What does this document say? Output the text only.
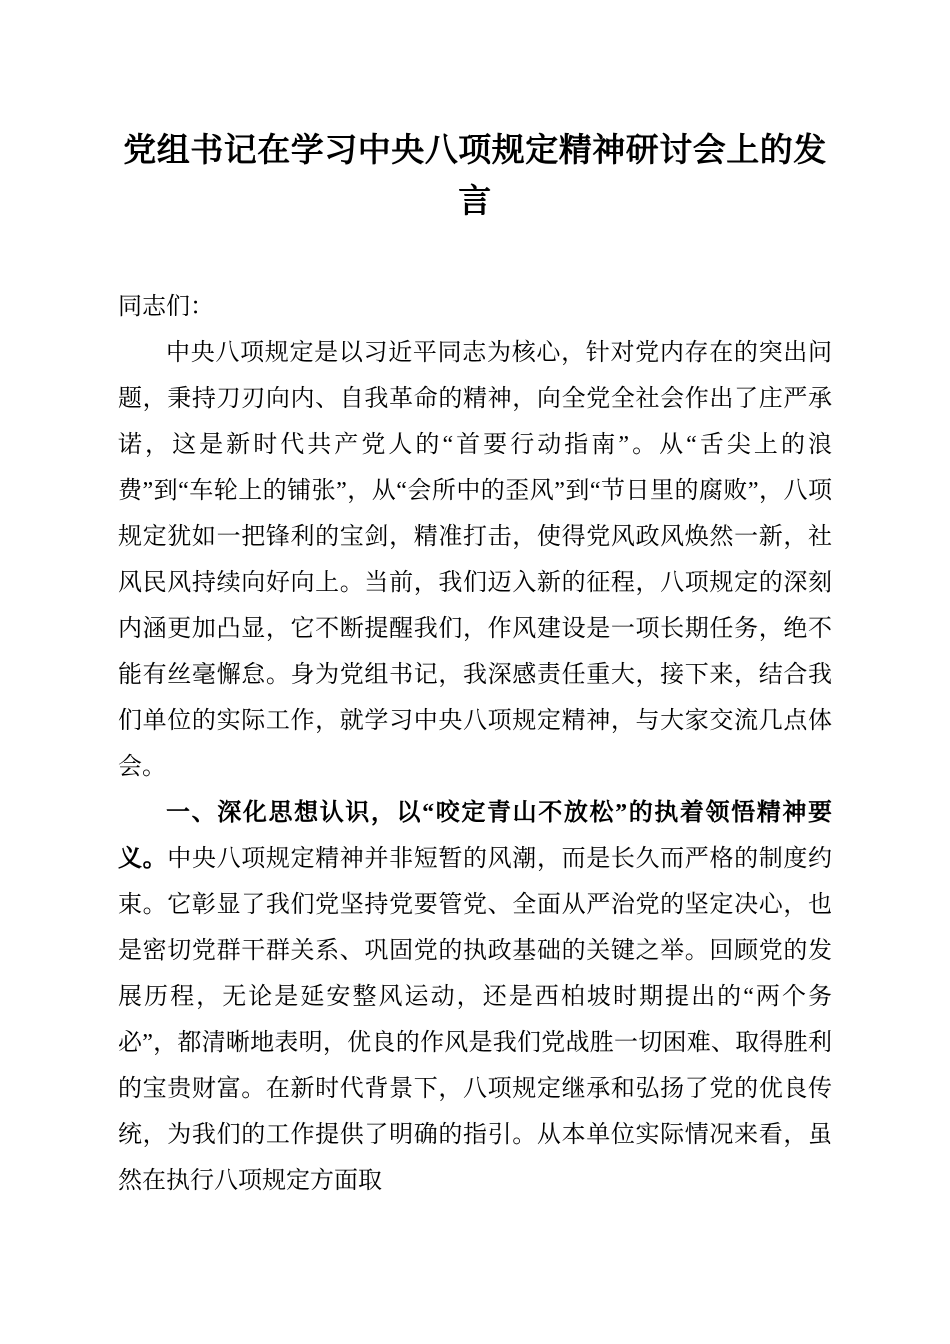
党组书记在学习中央八项规定精神研讨会上的发言

同志们：

中央八项规定是以习近平同志为核心，针对党内存在的突出问题，秉持刀刃向内、自我革命的精神，向全党全社会作出了庄严承诺，这是新时代共产党人的“首要行动指南”。从“舌尖上的浪费”到“车轮上的铺张”，从“会所中的歪风”到“节日里的腐败”，八项规定犹如一把锋利的宝剑，精准打击，使得党风政风焕然一新，社风民风持续向好向上。当前，我们迈入新的征程，八项规定的深刻内涵更加凸显，它不断提醒我们，作风建设是一项长期任务，绝不能有丝毫懈怠。身为党组书记，我深感责任重大，接下来，结合我们单位的实际工作，就学习中央八项规定精神，与大家交流几点体会。

一、深化思想认识，以“咬定青山不放松”的执着领悟精神要义。中央八项规定精神并非短暂的风潮，而是长久而严格的制度约束。它彰显了我们党坚持党要管党、全面从严治党的坚定决心，也是密切党群干群关系、巩固党的执政基础的关键之举。回顾党的发展历程，无论是延安整风运动，还是西柏坡时期提出的“两个务必”，都清晰地表明，优良的作风是我们党战胜一切困难、取得胜利的宝贵财富。在新时代背景下，八项规定继承和弘扬了党的优良传统，为我们的工作提供了明确的指引。从本单位实际情况来看，虽然在执行八项规定方面取
